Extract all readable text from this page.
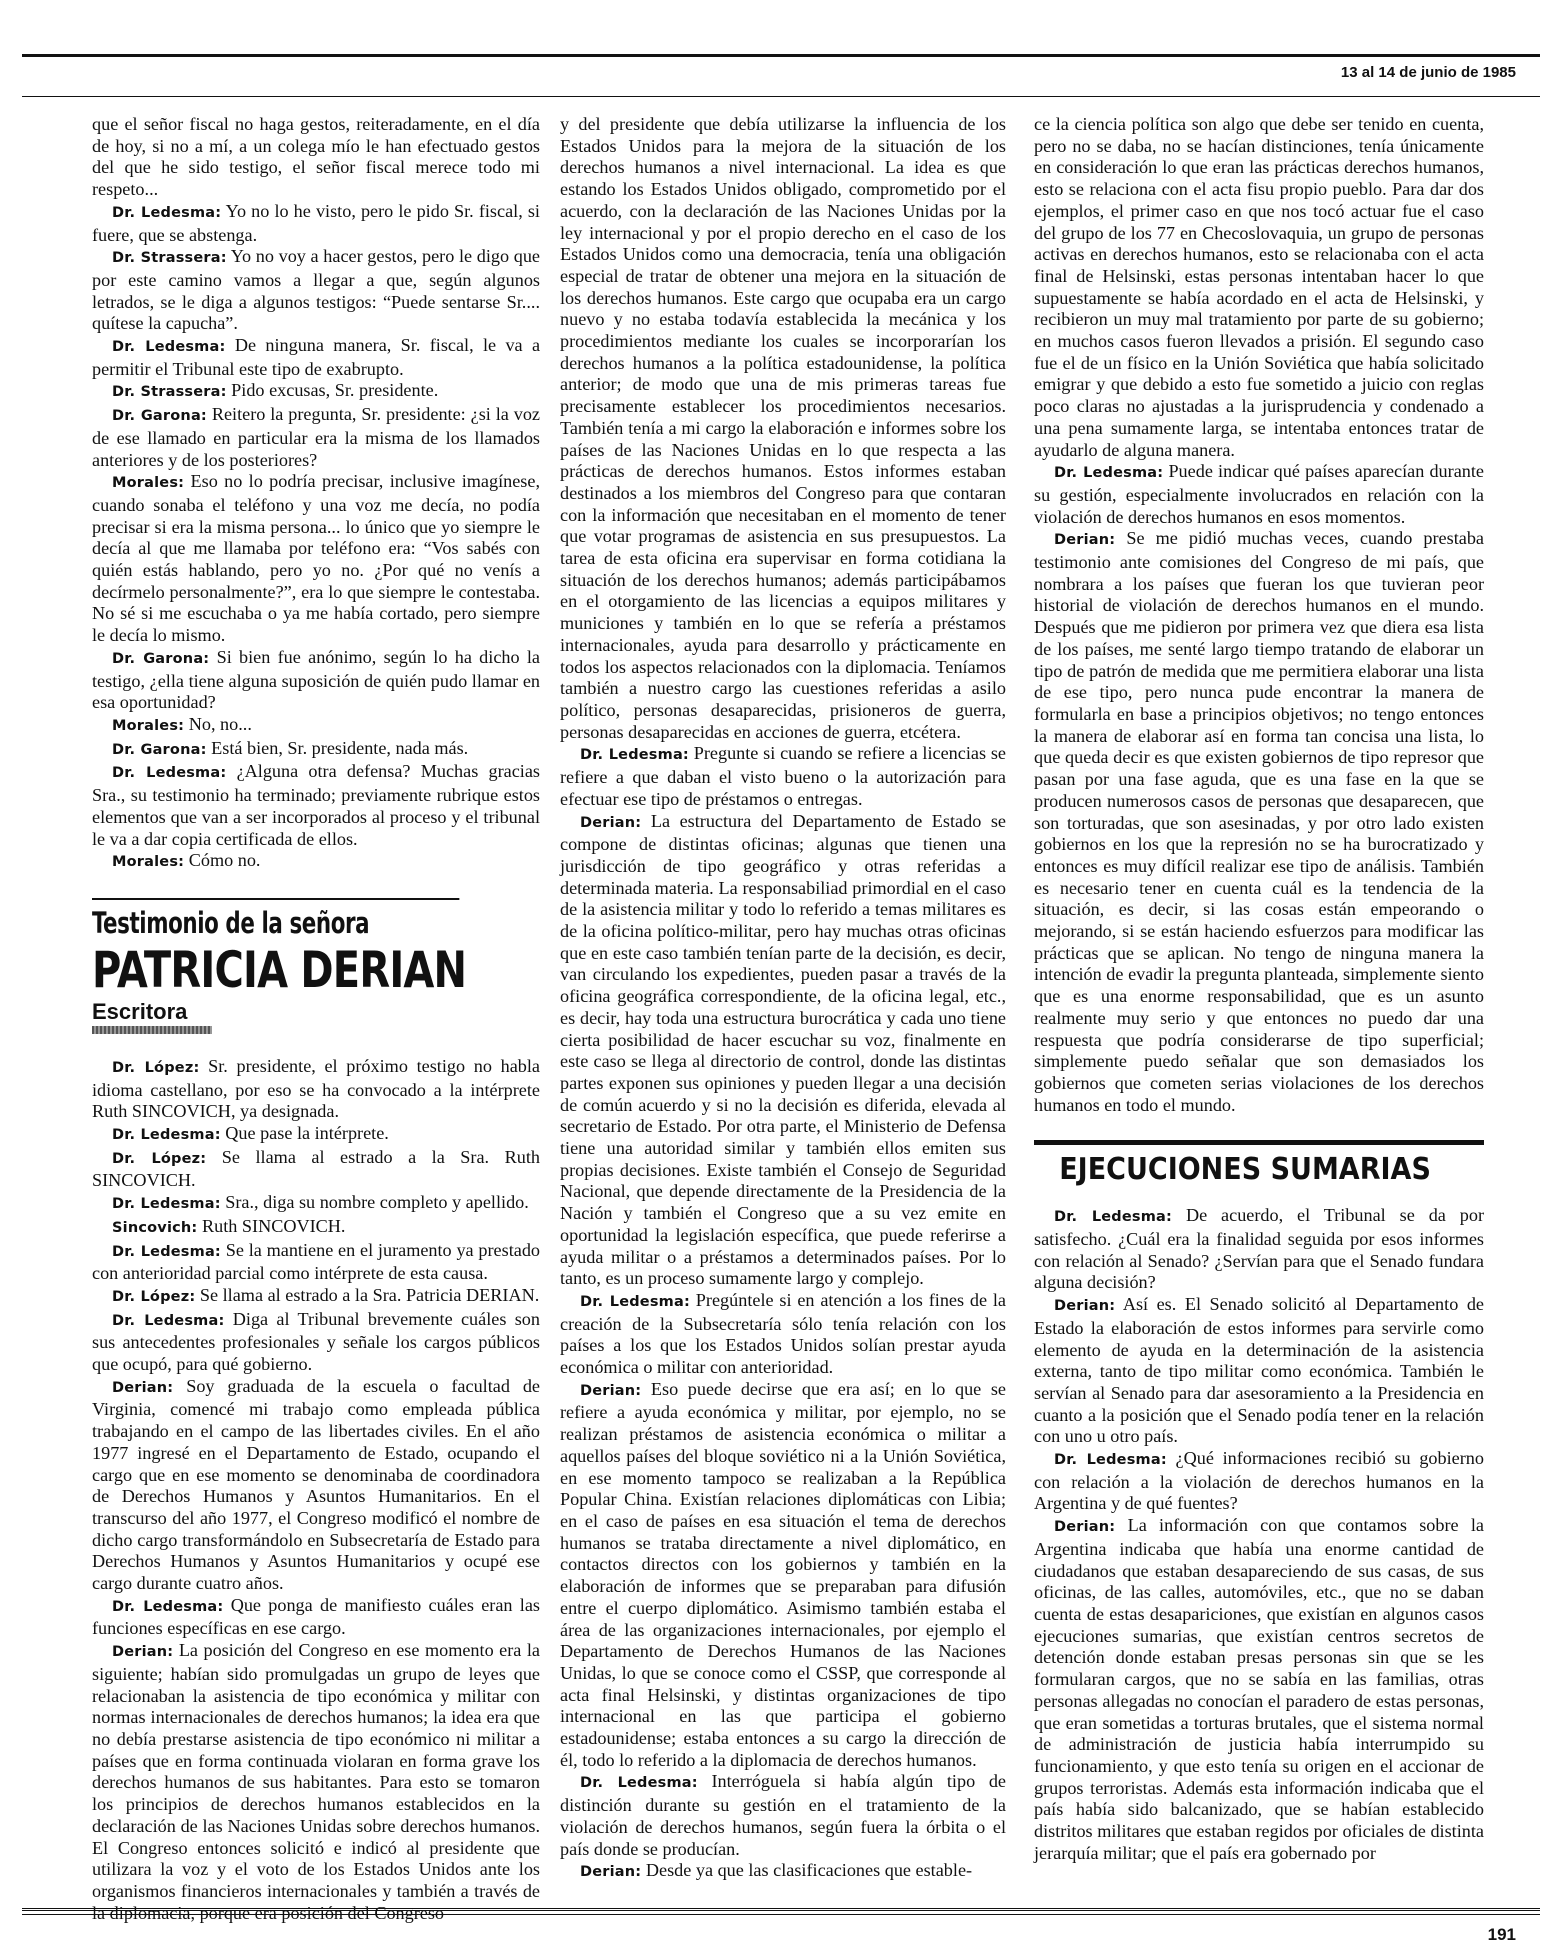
13 al 14 de junio de 1985

que el señor fiscal no haga gestos, reiteradamente, en el día de hoy, si no a mí, a un colega mío le han efectuado gestos del que he sido testigo, el señor fiscal merece todo mi respeto...

Dr. Ledesma: Yo no lo he visto, pero le pido Sr. fiscal, si fuere, que se abstenga.

Dr. Strassera: Yo no voy a hacer gestos, pero le digo que por este camino vamos a llegar a que, según algunos letrados, se le diga a algunos testigos: “Puede sentarse Sr.... quítese la capucha”.

Dr. Ledesma: De ninguna manera, Sr. fiscal, le va a permitir el Tribunal este tipo de exabrupto.

Dr. Strassera: Pido excusas, Sr. presidente.

Dr. Garona: Reitero la pregunta, Sr. presidente: ¿si la voz de ese llamado en particular era la misma de los llamados anteriores y de los posteriores?

Morales: Eso no lo podría precisar, inclusive imagínese, cuando sonaba el teléfono y una voz me decía, no podía precisar si era la misma persona... lo único que yo siempre le decía al que me llamaba por teléfono era: “Vos sabés con quién estás hablando, pero yo no. ¿Por qué no venís a decírmelo personalmente?”, era lo que siempre le contestaba. No sé si me escuchaba o ya me había cortado, pero siempre le decía lo mismo.

Dr. Garona: Si bien fue anónimo, según lo ha dicho la testigo, ¿ella tiene alguna suposición de quién pudo llamar en esa oportunidad?

Morales: No, no...

Dr. Garona: Está bien, Sr. presidente, nada más.

Dr. Ledesma: ¿Alguna otra defensa? Muchas gracias Sra., su testimonio ha terminado; previamente rubrique estos elementos que van a ser incorporados al proceso y el tribunal le va a dar copia certificada de ellos.

Morales: Cómo no.

Testimonio de la señora
PATRICIA DERIAN
Escritora

Dr. López: Sr. presidente, el próximo testigo no habla idioma castellano, por eso se ha convocado a la intérprete Ruth SINCOVICH, ya designada.

Dr. Ledesma: Que pase la intérprete.

Dr. López: Se llama al estrado a la Sra. Ruth SINCOVICH.

Dr. Ledesma: Sra., diga su nombre completo y apellido.

Sincovich: Ruth SINCOVICH.

Dr. Ledesma: Se la mantiene en el juramento ya prestado con anterioridad parcial como intérprete de esta causa.

Dr. López: Se llama al estrado a la Sra. Patricia DERIAN.

Dr. Ledesma: Diga al Tribunal brevemente cuáles son sus antecedentes profesionales y señale los cargos públicos que ocupó, para qué gobierno.

Derian: Soy graduada de la escuela o facultad de Virginia, comencé mi trabajo como empleada pública trabajando en el campo de las libertades civiles. En el año 1977 ingresé en el Departamento de Estado, ocupando el cargo que en ese momento se denominaba de coordinadora de Derechos Humanos y Asuntos Humanitarios. En el transcurso del año 1977, el Congreso modificó el nombre de dicho cargo transformándolo en Subsecretaría de Estado para Derechos Humanos y Asuntos Humanitarios y ocupé ese cargo durante cuatro años.

Dr. Ledesma: Que ponga de manifiesto cuáles eran las funciones específicas en ese cargo.

Derian: La posición del Congreso en ese momento era la siguiente; habían sido promulgadas un grupo de leyes que relacionaban la asistencia de tipo económica y militar con normas internacionales de derechos humanos; la idea era que no debía prestarse asistencia de tipo económico ni militar a países que en forma continuada violaran en forma grave los derechos humanos de sus habitantes. Para esto se tomaron los principios de derechos humanos establecidos en la declaración de las Naciones Unidas sobre derechos humanos. El Congreso entonces solicitó e indicó al presidente que utilizara la voz y el voto de los Estados Unidos ante los organismos financieros internacionales y también a través de la diplomacia, porque era posición del Congreso

y del presidente que debía utilizarse la influencia de los Estados Unidos para la mejora de la situación de los derechos humanos a nivel internacional. La idea es que estando los Estados Unidos obligado, comprometido por el acuerdo, con la declaración de las Naciones Unidas por la ley internacional y por el propio derecho en el caso de los Estados Unidos como una democracia, tenía una obligación especial de tratar de obtener una mejora en la situación de los derechos humanos. Este cargo que ocupaba era un cargo nuevo y no estaba todavía establecida la mecánica y los procedimientos mediante los cuales se incorporarían los derechos humanos a la política estadounidense, la política anterior; de modo que una de mis primeras tareas fue precisamente establecer los procedimientos necesarios. También tenía a mi cargo la elaboración e informes sobre los países de las Naciones Unidas en lo que respecta a las prácticas de derechos humanos. Estos informes estaban destinados a los miembros del Congreso para que contaran con la información que necesitaban en el momento de tener que votar programas de asistencia en sus presupuestos. La tarea de esta oficina era supervisar en forma cotidiana la situación de los derechos humanos; además participábamos en el otorgamiento de las licencias a equipos militares y municiones y también en lo que se refería a préstamos internacionales, ayuda para desarrollo y prácticamente en todos los aspectos relacionados con la diplomacia. Teníamos también a nuestro cargo las cuestiones referidas a asilo político, personas desaparecidas, prisioneros de guerra, personas desaparecidas en acciones de guerra, etcétera.

Dr. Ledesma: Pregunte si cuando se refiere a licencias se refiere a que daban el visto bueno o la autorización para efectuar ese tipo de préstamos o entregas.

Derian: La estructura del Departamento de Estado se compone de distintas oficinas; algunas que tienen una jurisdicción de tipo geográfico y otras referidas a determinada materia. La responsabiliad primordial en el caso de la asistencia militar y todo lo referido a temas militares es de la oficina político-militar, pero hay muchas otras oficinas que en este caso también tenían parte de la decisión, es decir, van circulando los expedientes, pueden pasar a través de la oficina geográfica correspondiente, de la oficina legal, etc., es decir, hay toda una estructura burocrática y cada uno tiene cierta posibilidad de hacer escuchar su voz, finalmente en este caso se llega al directorio de control, donde las distintas partes exponen sus opiniones y pueden llegar a una decisión de común acuerdo y si no la decisión es diferida, elevada al secretario de Estado. Por otra parte, el Ministerio de Defensa tiene una autoridad similar y también ellos emiten sus propias decisiones. Existe también el Consejo de Seguridad Nacional, que depende directamente de la Presidencia de la Nación y también el Congreso que a su vez emite en oportunidad la legislación específica, que puede referirse a ayuda militar o a préstamos a determinados países. Por lo tanto, es un proceso sumamente largo y complejo.

Dr. Ledesma: Pregúntele si en atención a los fines de la creación de la Subsecretaría sólo tenía relación con los países a los que los Estados Unidos solían prestar ayuda económica o militar con anterioridad.

Derian: Eso puede decirse que era así; en lo que se refiere a ayuda económica y militar, por ejemplo, no se realizan préstamos de asistencia económica o militar a aquellos países del bloque soviético ni a la Unión Soviética, en ese momento tampoco se realizaban a la República Popular China. Existían relaciones diplomáticas con Libia; en el caso de países en esa situación el tema de derechos humanos se trataba directamente a nivel diplomático, en contactos directos con los gobiernos y también en la elaboración de informes que se preparaban para difusión entre el cuerpo diplomático. Asimismo también estaba el área de las organizaciones internacionales, por ejemplo el Departamento de Derechos Humanos de las Naciones Unidas, lo que se conoce como el CSSP, que corresponde al acta final Helsinski, y distintas organizaciones de tipo internacional en las que participa el gobierno estadounidense; estaba entonces a su cargo la dirección de él, todo lo referido a la diplomacia de derechos humanos.

Dr. Ledesma: Interróguela si había algún tipo de distinción durante su gestión en el tratamiento de la violación de derechos humanos, según fuera la órbita o el país donde se producían.

Derian: Desde ya que las clasificaciones que estable-

ce la ciencia política son algo que debe ser tenido en cuenta, pero no se daba, no se hacían distinciones, tenía únicamente en consideración lo que eran las prácticas derechos humanos, esto se relaciona con el acta fisu propio pueblo. Para dar dos ejemplos, el primer caso en que nos tocó actuar fue el caso del grupo de los 77 en Checoslovaquia, un grupo de personas activas en derechos humanos, esto se relacionaba con el acta final de Helsinski, estas personas intentaban hacer lo que supuestamente se había acordado en el acta de Helsinski, y recibieron un muy mal tratamiento por parte de su gobierno; en muchos casos fueron llevados a prisión. El segundo caso fue el de un físico en la Unión Soviética que había solicitado emigrar y que debido a esto fue sometido a juicio con reglas poco claras no ajustadas a la jurisprudencia y condenado a una pena sumamente larga, se intentaba entonces tratar de ayudarlo de alguna manera.

Dr. Ledesma: Puede indicar qué países aparecían durante su gestión, especialmente involucrados en relación con la violación de derechos humanos en esos momentos.

Derian: Se me pidió muchas veces, cuando prestaba testimonio ante comisiones del Congreso de mi país, que nombrara a los países que fueran los que tuvieran peor historial de violación de derechos humanos en el mundo. Después que me pidieron por primera vez que diera esa lista de los países, me senté largo tiempo tratando de elaborar un tipo de patrón de medida que me permitiera elaborar una lista de ese tipo, pero nunca pude encontrar la manera de formularla en base a principios objetivos; no tengo entonces la manera de elaborar así en forma tan concisa una lista, lo que queda decir es que existen gobiernos de tipo represor que pasan por una fase aguda, que es una fase en la que se producen numerosos casos de personas que desaparecen, que son torturadas, que son asesinadas, y por otro lado existen gobiernos en los que la represión no se ha burocratizado y entonces es muy difícil realizar ese tipo de análisis. También es necesario tener en cuenta cuál es la tendencia de la situación, es decir, si las cosas están empeorando o mejorando, si se están haciendo esfuerzos para modificar las prácticas que se aplican. No tengo de ninguna manera la intención de evadir la pregunta planteada, simplemente siento que es una enorme responsabilidad, que es un asunto realmente muy serio y que entonces no puedo dar una respuesta que podría considerarse de tipo superficial; simplemente puedo señalar que son demasiados los gobiernos que cometen serias violaciones de los derechos humanos en todo el mundo.

EJECUCIONES SUMARIAS

Dr. Ledesma: De acuerdo, el Tribunal se da por satisfecho. ¿Cuál era la finalidad seguida por esos informes con relación al Senado? ¿Servían para que el Senado fundara alguna decisión?

Derian: Así es. El Senado solicitó al Departamento de Estado la elaboración de estos informes para servirle como elemento de ayuda en la determinación de la asistencia externa, tanto de tipo militar como económica. También le servían al Senado para dar asesoramiento a la Presidencia en cuanto a la posición que el Senado podía tener en la relación con uno u otro país.

Dr. Ledesma: ¿Qué informaciones recibió su gobierno con relación a la violación de derechos humanos en la Argentina y de qué fuentes?

Derian: La información con que contamos sobre la Argentina indicaba que había una enorme cantidad de ciudadanos que estaban desapareciendo de sus casas, de sus oficinas, de las calles, automóviles, etc., que no se daban cuenta de estas desapariciones, que existían en algunos casos ejecuciones sumarias, que existían centros secretos de detención donde estaban presas personas sin que se les formularan cargos, que no se sabía en las familias, otras personas allegadas no conocían el paradero de estas personas, que eran sometidas a torturas brutales, que el sistema normal de administración de justicia había interrumpido su funcionamiento, y que esto tenía su origen en el accionar de grupos terroristas. Además esta información indicaba que el país había sido balcanizado, que se habían establecido distritos militares que estaban regidos por oficiales de distinta jerarquía militar; que el país era gobernado por

191
